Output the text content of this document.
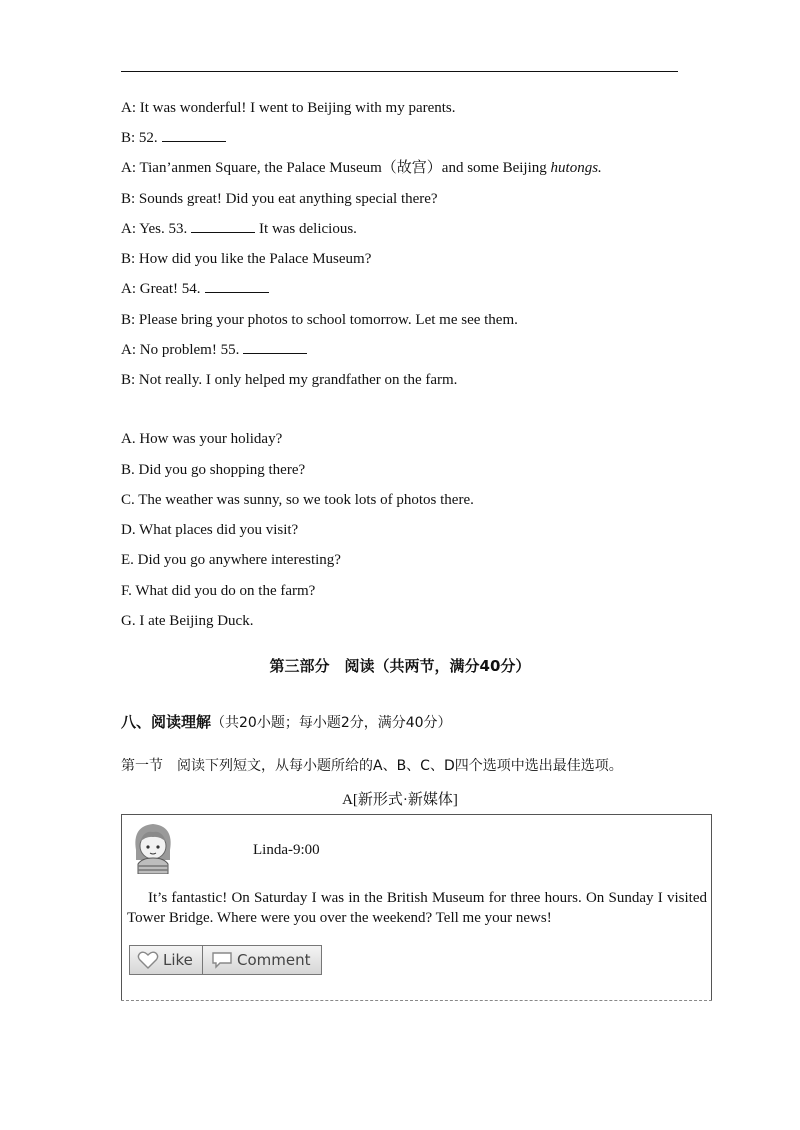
A: It was wonderful! I went to Beijing with my parents.
B: 52.
A: Tian’anmen Square, the Palace Museum（故宫）and some Beijing hutongs.
B: Sounds great! Did you eat anything special there?
A: Yes. 53.	It was delicious.
B: How did you like the Palace Museum?
A: Great! 54.
B: Please bring your photos to school tomorrow. Let me see them.
A: No problem! 55.
B: Not really. I only helped my grandfather on the farm.
A. How was your holiday?
B. Did you go shopping there?
C. The weather was sunny, so we took lots of photos there.
D. What places did you visit?
E. Did you go anywhere interesting?
F. What did you do on the farm?
G. I ate Beijing Duck.
第三部分　阅读（共两节，满分40分）
八、阅读理解（共20小题；每小题2分，满分40分）
第一节　阅读下列短文，从每小题所给的A、B、C、D四个选项中选出最佳选项。
A[新形式·新媒体]
Linda-9:00
It’s fantastic! On Saturday I was in the British Museum for three hours. On Sunday I visited Tower Bridge. Where were you over the weekend? Tell me your news!
Like	Comment
